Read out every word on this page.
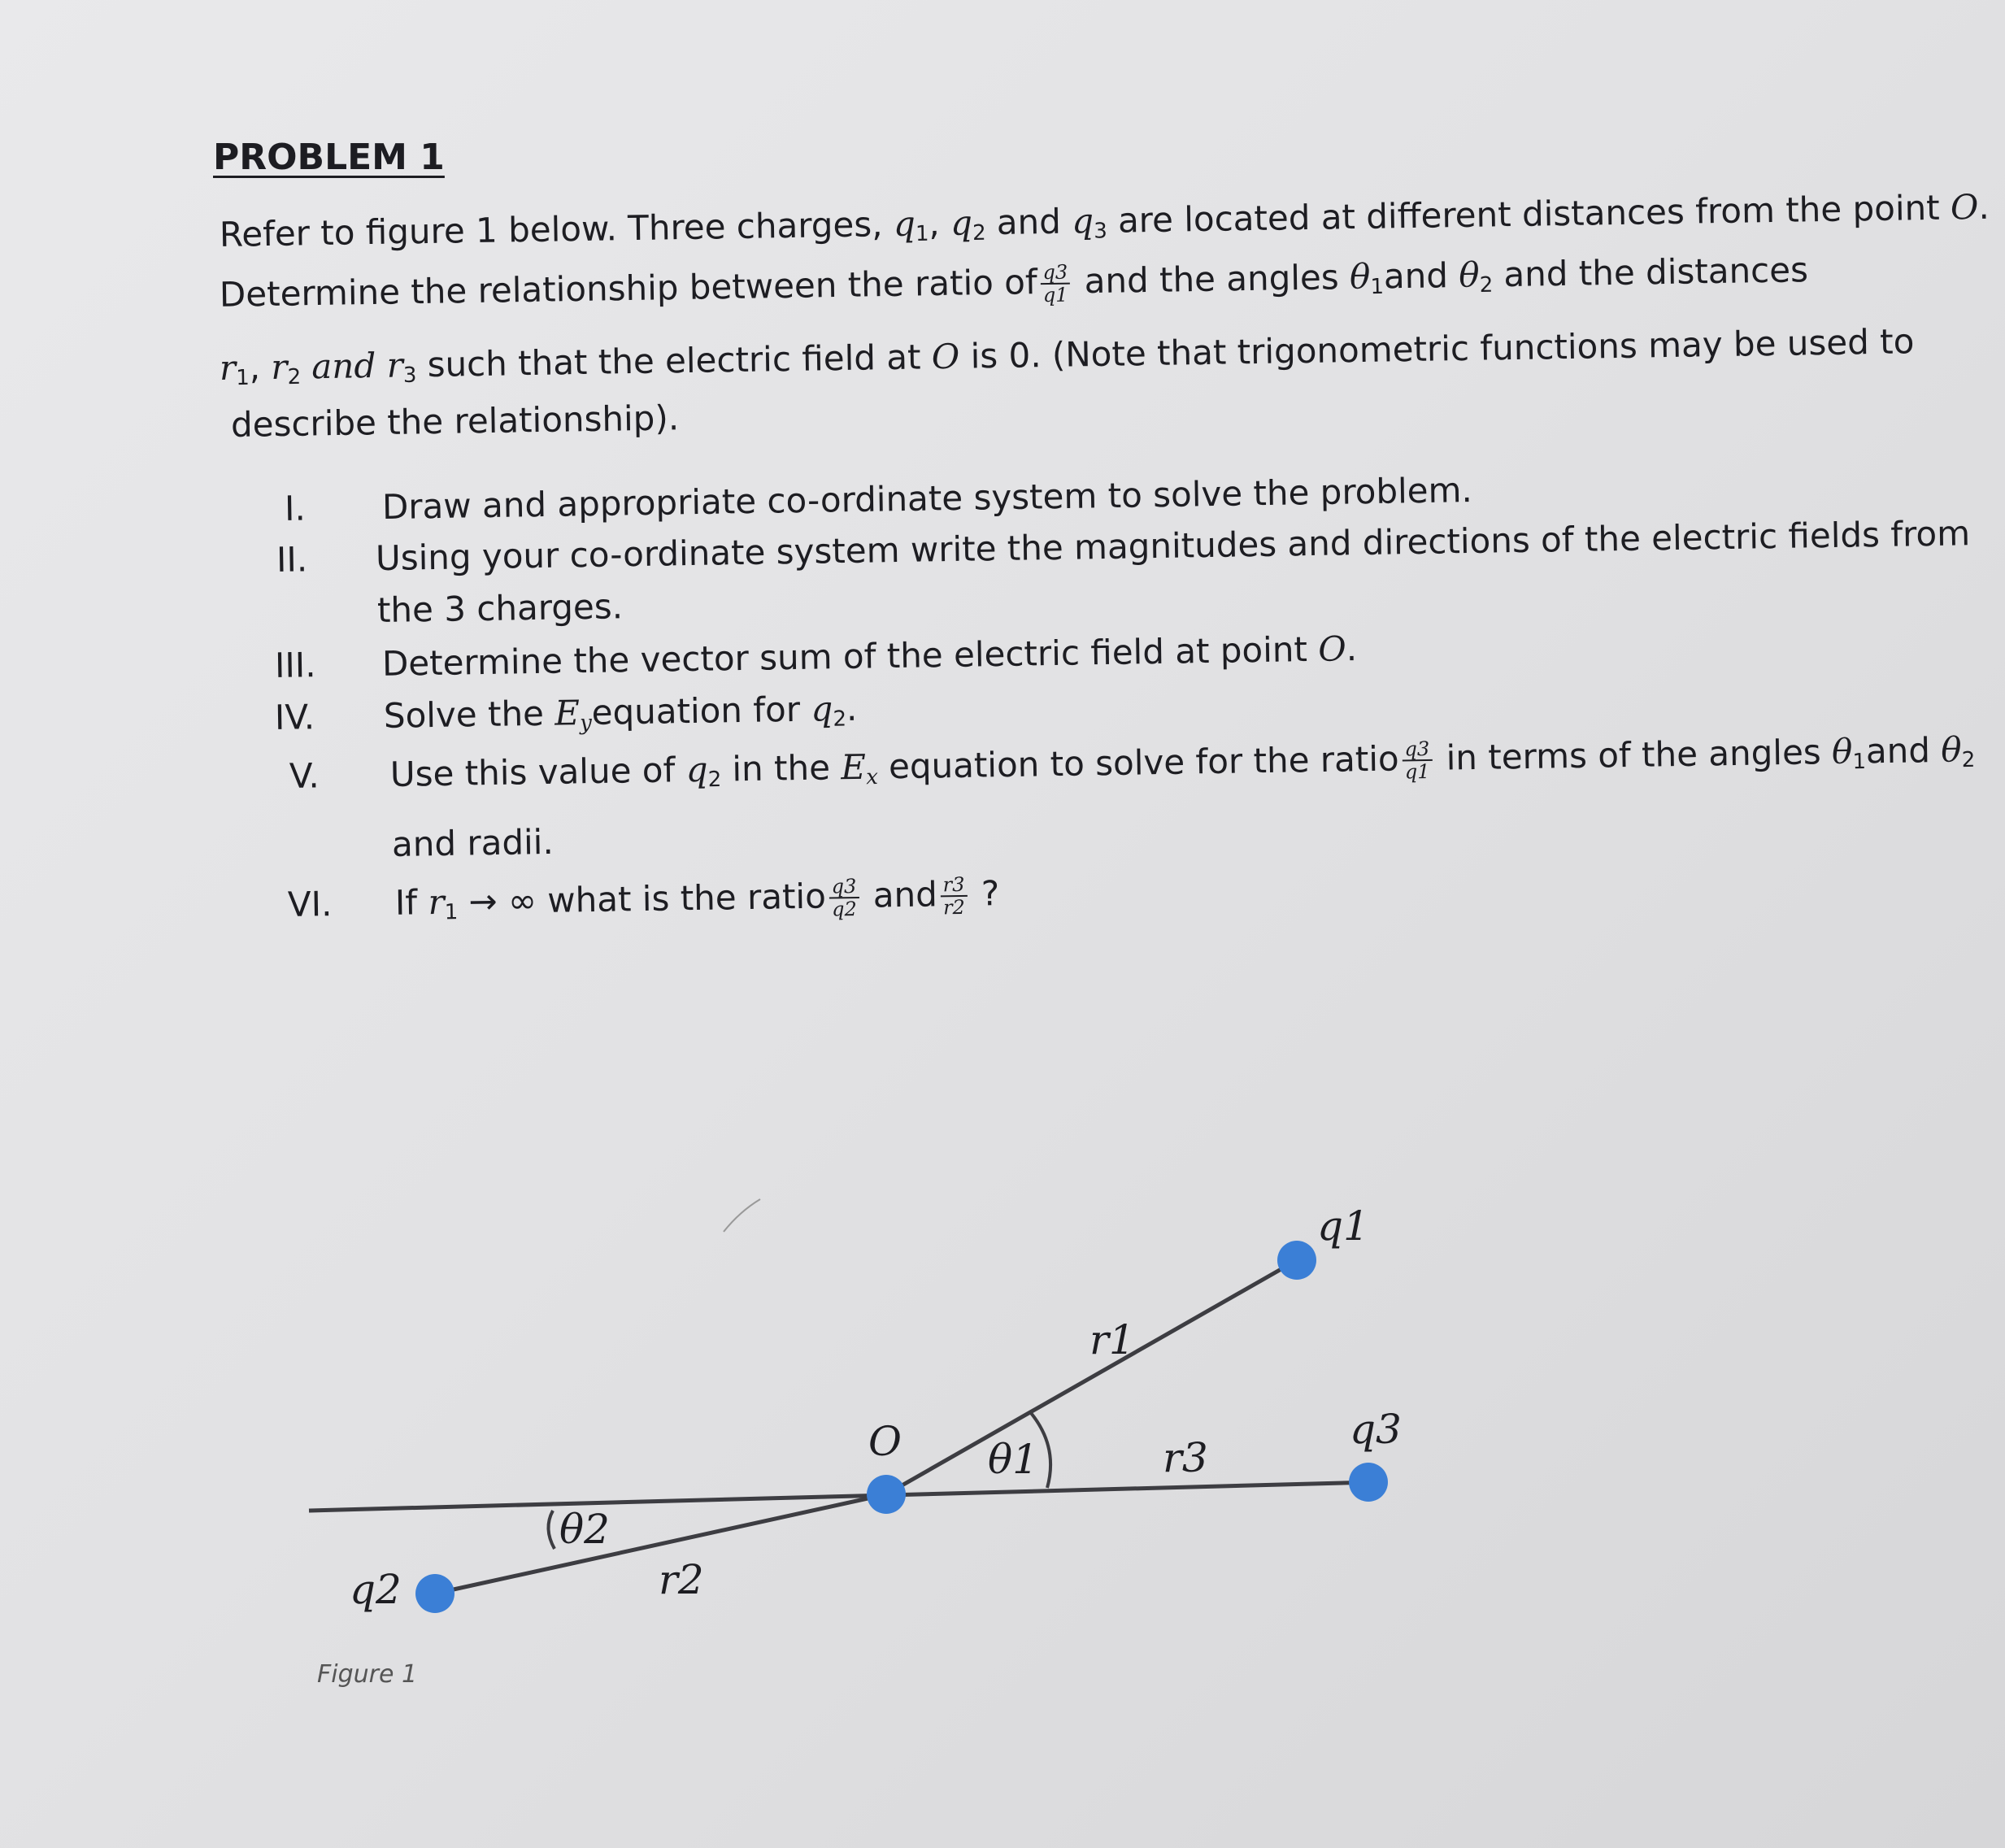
PROBLEM 1
Refer to figure 1 below. Three charges, $q_1$, $q_2$ and $q_3$ are located at different distances from the point O.
Determine the relationship between the ratio of $\frac{q3}{q1}$ and the angles $\theta_1and$ $\theta_2$ and the distances
$r_1$, $r_2$ and $r_3$ such that the electric field at O is 0. (Note that trigonometric functions may be used to
describe the relationship).
I. Draw and appropriate co-ordinate system to solve the problem.
II. Using your co-ordinate system write the magnitudes and directions of the electric fields from
the 3 charges.
III. Determine the vector sum of the electric field at point O.
IV. Solve the $E_yequation$ for $q_2$.
V. Use this value of $q_2$ in the $E_x$ equation to solve for the ratio $\frac{q3}{q1}$ in terms of the angles $\theta_1and$ $\theta_2$
and radii.
VI. If $r_1$ → ∞ what is the ratio $\frac{q3}{q2}$ and $\frac{r3}{r2}$ ?
q1
q2
q3
O
r1
r2
r3
θ1
θ2
Figure 1
